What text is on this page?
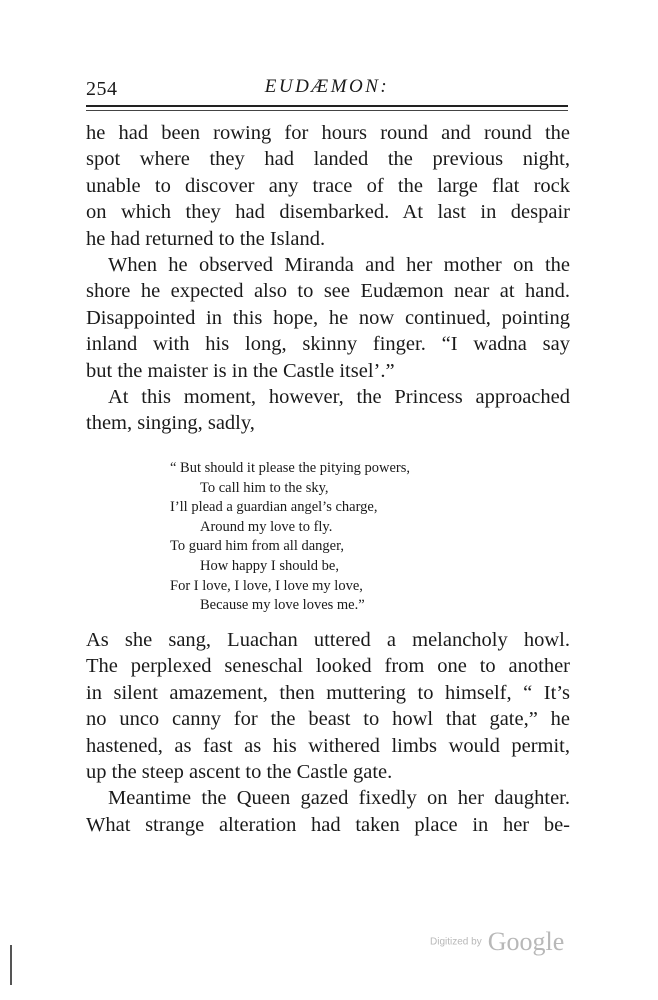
254	EUDÆMON:
he had been rowing for hours round and round the
spot where they had landed the previous night,
unable to discover any trace of the large flat rock
on which they had disembarked. At last in despair
he had returned to the Island.
When he observed Miranda and her mother on the
shore he expected also to see Eudæmon near at hand.
Disappointed in this hope, he now continued, pointing
inland with his long, skinny finger. “I wadna say
but the maister is in the Castle itsel’.”
At this moment, however, the Princess approached
them, singing, sadly,
“ But should it please the pitying powers,
To call him to the sky,
I’ll plead a guardian angel’s charge,
Around my love to fly.
To guard him from all danger,
How happy I should be,
For I love, I love, I love my love,
Because my love loves me.”
As she sang, Luachan uttered a melancholy howl.
The perplexed seneschal looked from one to another
in silent amazement, then muttering to himself, “ It’s
no unco canny for the beast to howl that gate,” he
hastened, as fast as his withered limbs would permit,
up the steep ascent to the Castle gate.
Meantime the Queen gazed fixedly on her daughter.
What strange alteration had taken place in her be-
Digitized by Google
